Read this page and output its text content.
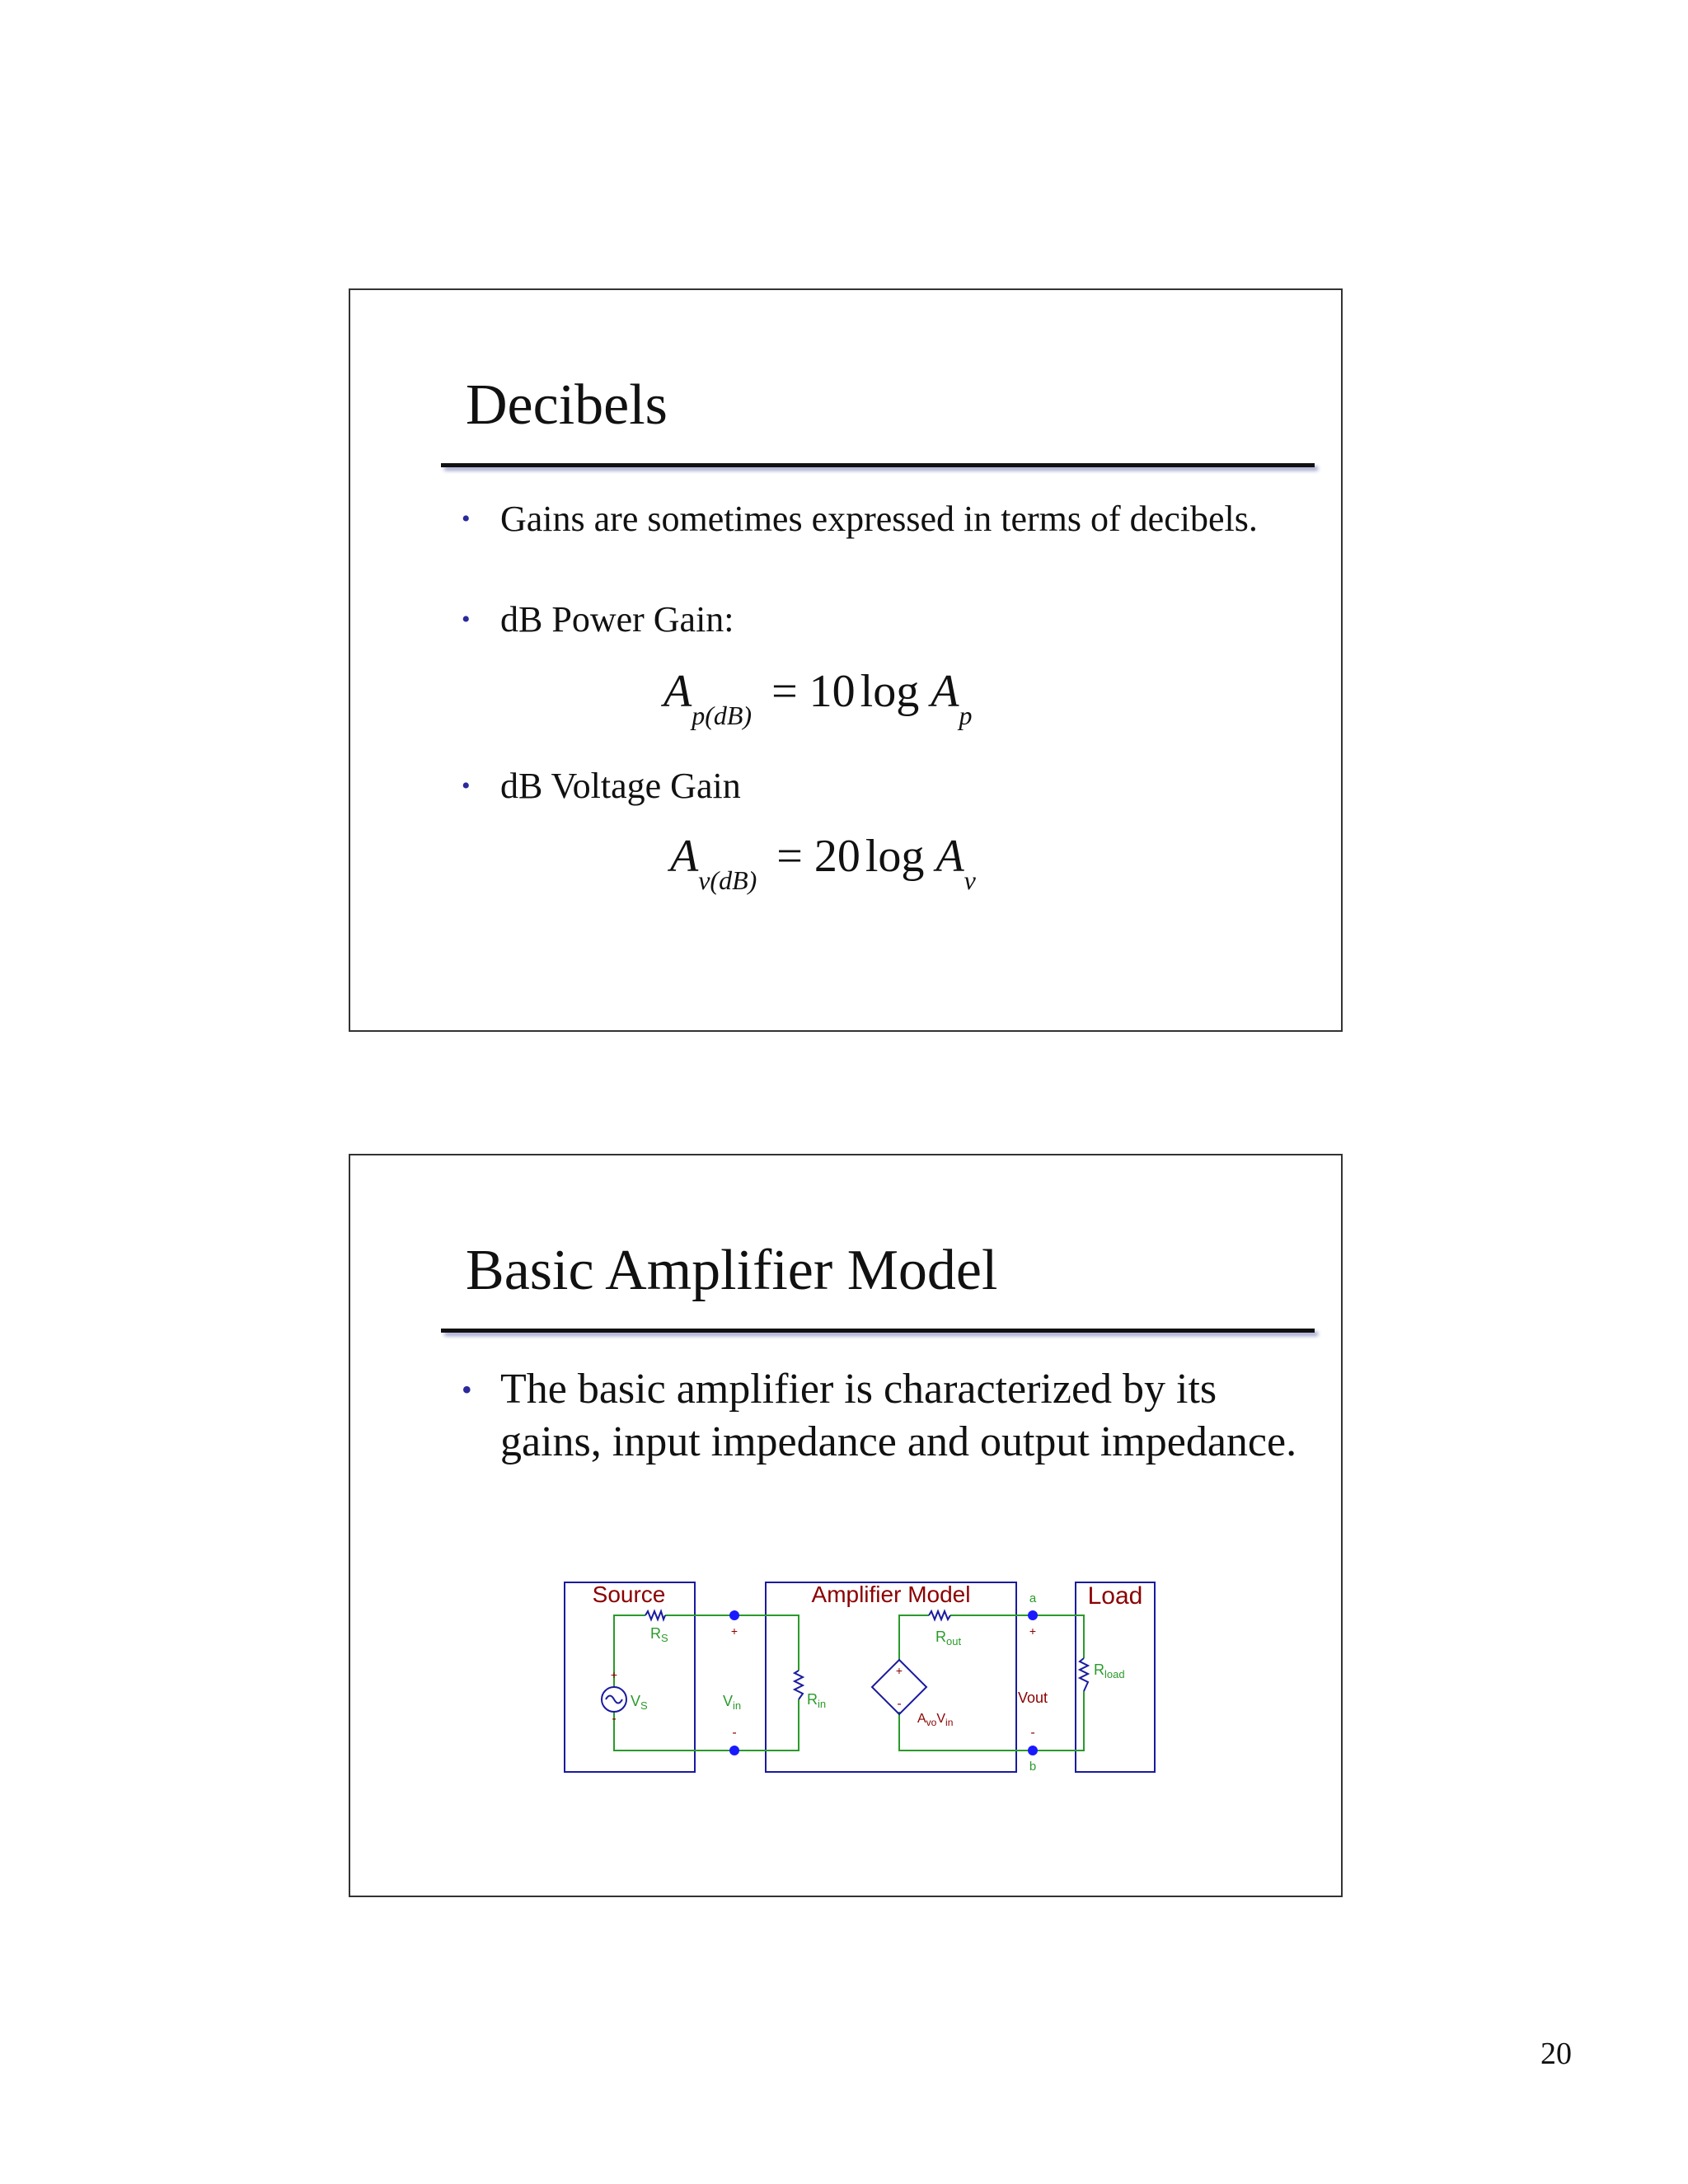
Decibels
• Gains are sometimes expressed in terms of decibels.
• dB Power Gain:
$A_{p(dB)} = 10$ $\log A_p$
• dB Voltage Gain
$A_{v(dB)} = 20$ $\log A_v$
Basic Amplifier Model
• The basic amplifier is characterized by its gains, input impedance and output impedance.
Source	Amplifier Model	Load
$R_S$
$V_S$	$V_{in}$	$R_{in}$
$R_{out}$
$A_{vo}V_{in}$
Vout
$R_{load}$
a
b
+
-
+
-
+
-
+
-
20
